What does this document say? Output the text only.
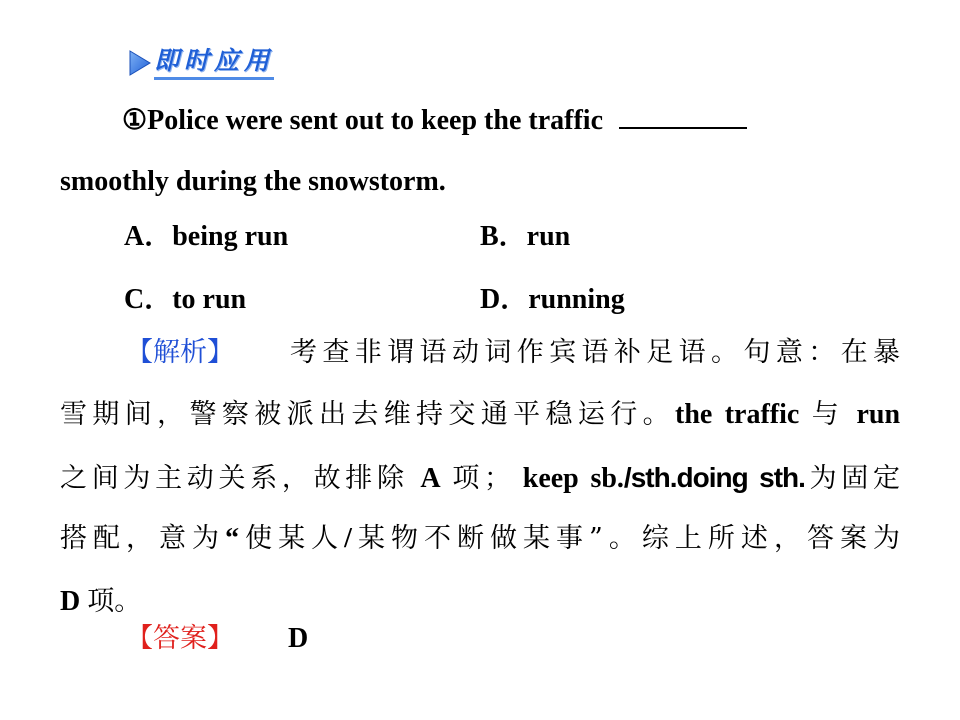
即时应用
①Police were sent out to keep the traffic
smoothly during the snowstorm.
A．being run	B．run
C．to run	D．running
【解析】 考查非谓语动词作宾语补足语。句意：在暴
雪期间，警察被派出去维持交通平稳运行。the traffic 与 run
之间为主动关系，故排除 A 项； keep sb./sth.doing sth.为固定
搭配，意为“使某人/某物不断做某事”。综上所述，答案为
D 项。
【答案】 D
